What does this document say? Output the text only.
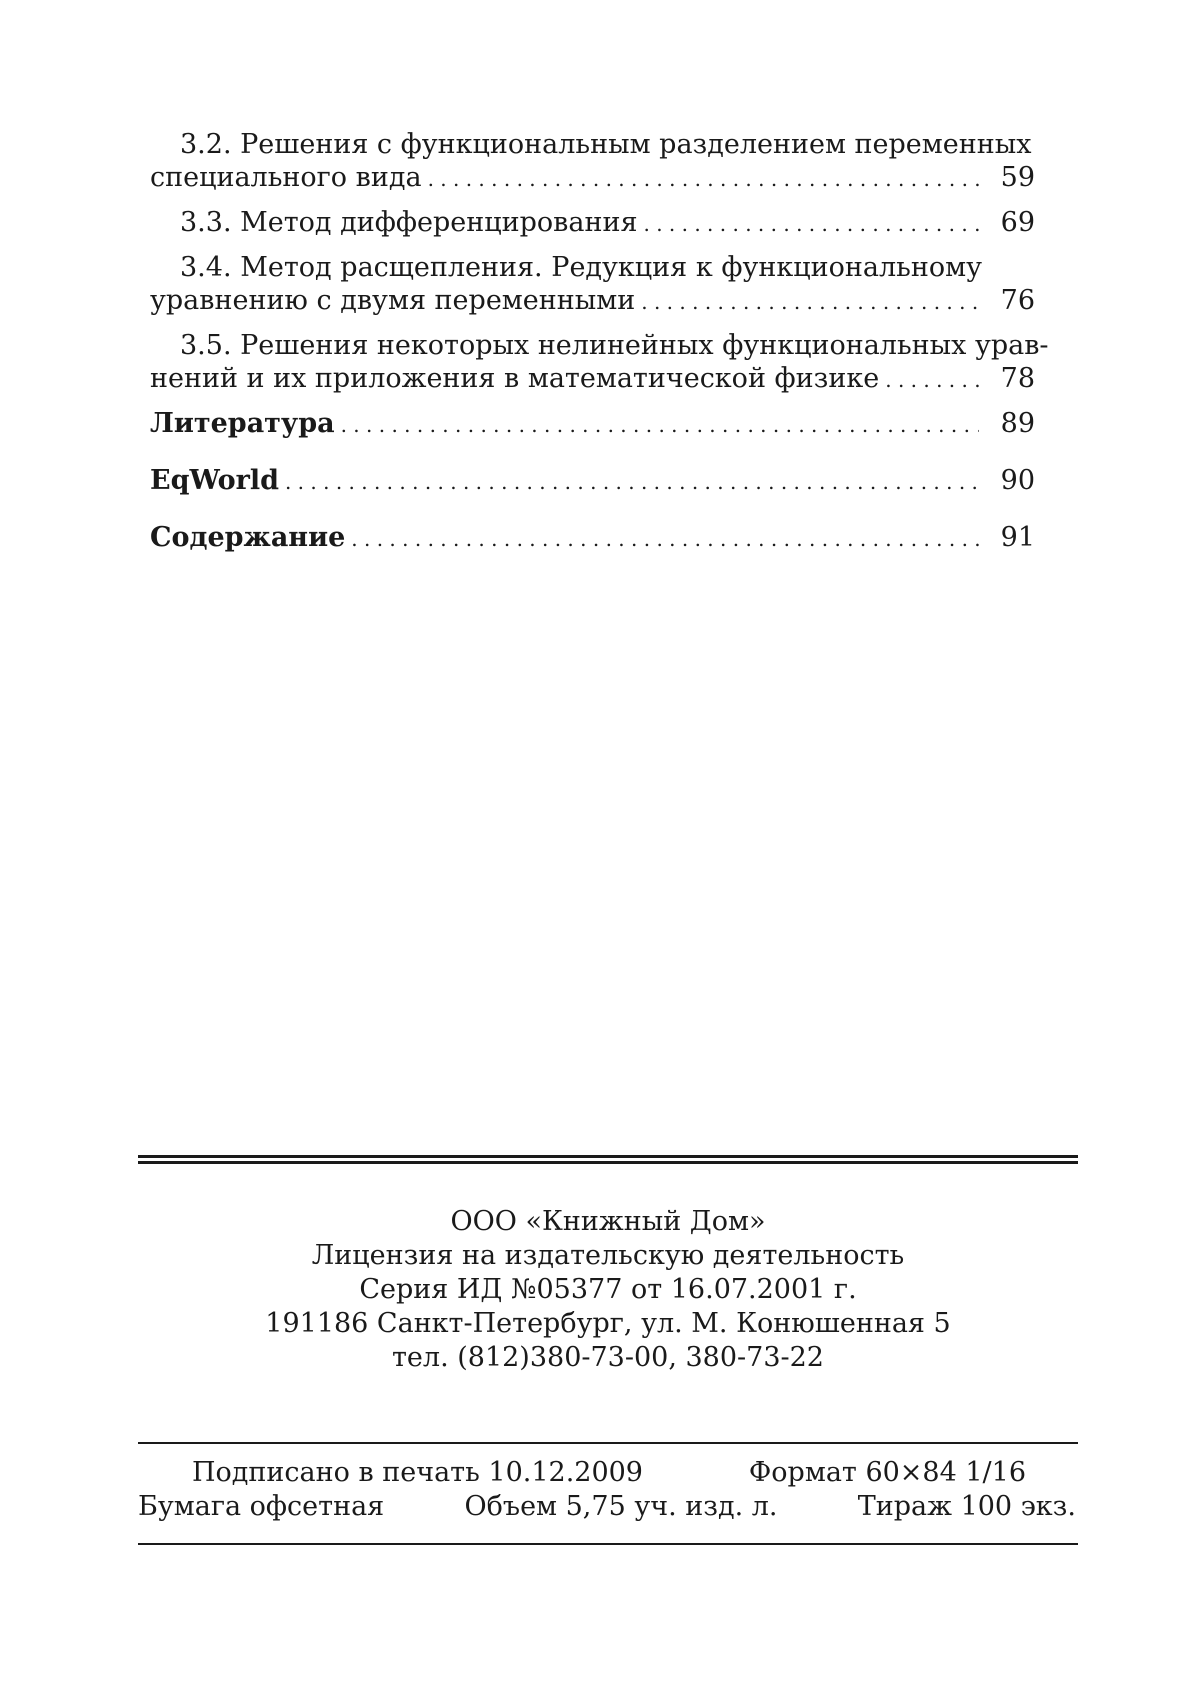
3.2. Решения с функциональным разделением переменных
специального вида . . .	59
3.3. Метод дифференцирования . . .	69
3.4. Метод расщепления. Редукция к функциональному
уравнению с двумя переменными . . .	76
3.5. Решения некоторых нелинейных функциональных урав-
нений и их приложения в математической физике . . .	78
Литература . . .	89
EqWorld . . .	90
Содержание . . .	91
ООО «Книжный Дом»
Лицензия на издательскую деятельность
Серия ИД №05377 от 16.07.2001 г.
191186 Санкт-Петербург, ул. М. Конюшенная 5
тел. (812)380-73-00, 380-73-22
Подписано в печать 10.12.2009	Формат 60×84 1/16
Бумага офсетная	Объем 5,75 уч. изд. л.	Тираж 100 экз.
